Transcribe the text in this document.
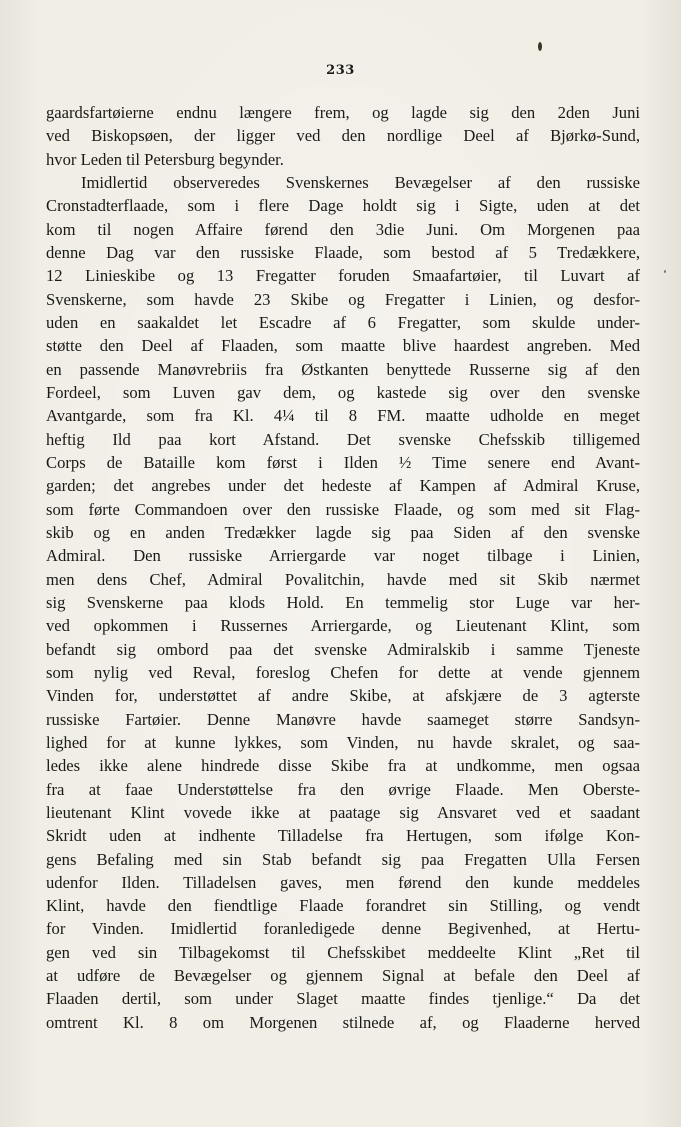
233
gaardsfartøierne endnu længere frem, og lagde sig den 2den Juni
ved Biskopsøen, der ligger ved den nordlige Deel af Bjørkø-Sund,
hvor Leden til Petersburg begynder.
Imidlertid observeredes Svenskernes Bevægelser af den russiske
Cronstadterflaade, som i flere Dage holdt sig i Sigte, uden at det
kom til nogen Affaire førend den 3die Juni. Om Morgenen paa
denne Dag var den russiske Flaade, som bestod af 5 Tredækkere,
12 Linieskibe og 13 Fregatter foruden Smaafartøier, til Luvart af
Svenskerne, som havde 23 Skibe og Fregatter i Linien, og desfor-
uden en saakaldet let Escadre af 6 Fregatter, som skulde under-
støtte den Deel af Flaaden, som maatte blive haardest angreben. Med
en passende Manøvrebriis fra Østkanten benyttede Russerne sig af den
Fordeel, som Luven gav dem, og kastede sig over den svenske
Avantgarde, som fra Kl. 4¼ til 8 FM. maatte udholde en meget
heftig Ild paa kort Afstand. Det svenske Chefsskib tilligemed
Corps de Bataille kom først i Ilden ½ Time senere end Avant-
garden; det angrebes under det hedeste af Kampen af Admiral Kruse,
som førte Commandoen over den russiske Flaade, og som med sit Flag-
skib og en anden Tredækker lagde sig paa Siden af den svenske
Admiral. Den russiske Arriergarde var noget tilbage i Linien,
men dens Chef, Admiral Povalitchin, havde med sit Skib nærmet
sig Svenskerne paa klods Hold. En temmelig stor Luge var her-
ved opkommen i Russernes Arriergarde, og Lieutenant Klint, som
befandt sig ombord paa det svenske Admiralskib i samme Tjeneste
som nylig ved Reval, foreslog Chefen for dette at vende gjennem
Vinden for, understøttet af andre Skibe, at afskjære de 3 agterste
russiske Fartøier. Denne Manøvre havde saameget større Sandsyn-
lighed for at kunne lykkes, som Vinden, nu havde skralet, og saa-
ledes ikke alene hindrede disse Skibe fra at undkomme, men ogsaa
fra at faae Understøttelse fra den øvrige Flaade. Men Oberste-
lieutenant Klint vovede ikke at paatage sig Ansvaret ved et saadant
Skridt uden at indhente Tilladelse fra Hertugen, som ifølge Kon-
gens Befaling med sin Stab befandt sig paa Fregatten Ulla Fersen
udenfor Ilden. Tilladelsen gaves, men førend den kunde meddeles
Klint, havde den fiendtlige Flaade forandret sin Stilling, og vendt
for Vinden. Imidlertid foranledigede denne Begivenhed, at Hertu-
gen ved sin Tilbagekomst til Chefsskibet meddeelte Klint „Ret til
at udføre de Bevægelser og gjennem Signal at befale den Deel af
Flaaden dertil, som under Slaget maatte findes tjenlige.“ Da det
omtrent Kl. 8 om Morgenen stilnede af, og Flaaderne herved
